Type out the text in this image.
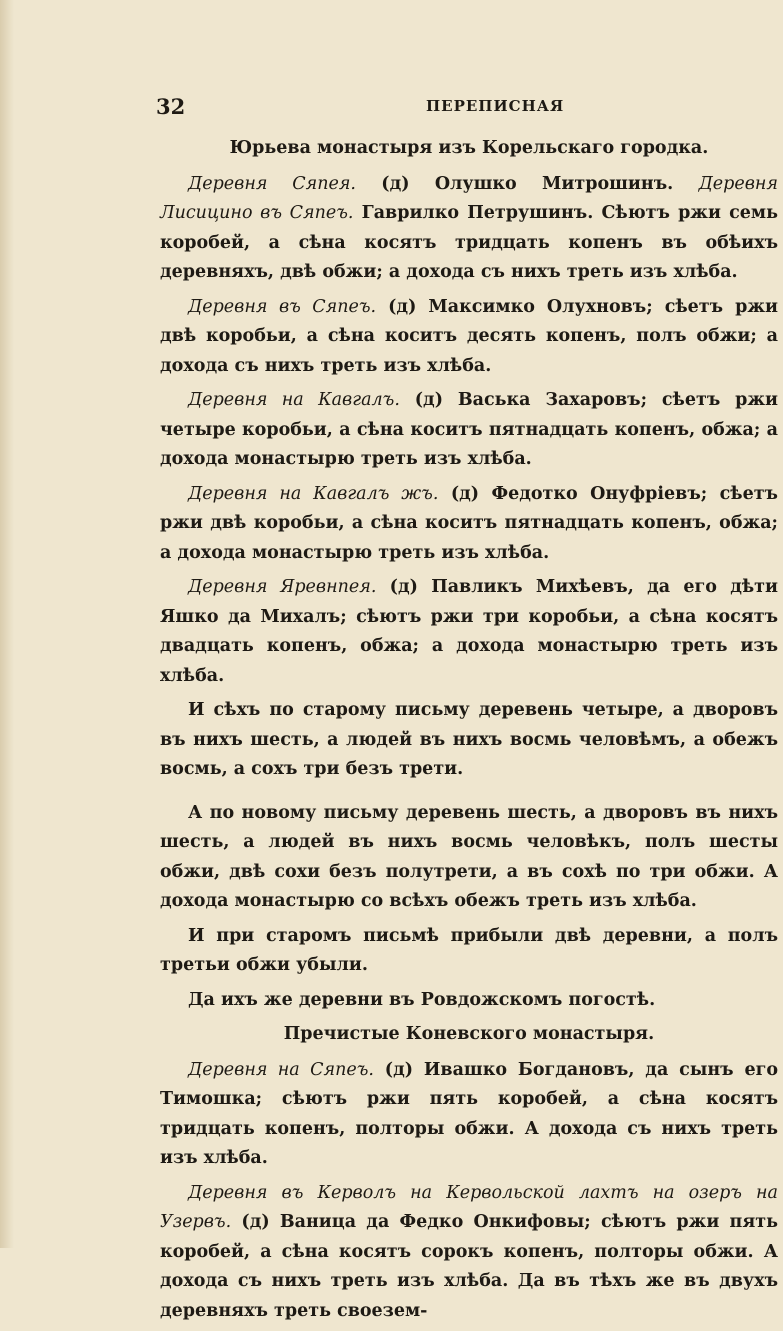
32	ПЕРЕПИСНАЯ

Юрьева монастыря изъ Корельскаго городка.

Деревня Сяпея. (д) Олушко Митрошинъ. Деревня Лисицино въ Сяпеъ. Гаврилко Петрушинъ. Сѣютъ ржи семь коробей, а сѣна косятъ тридцать копенъ въ обѣихъ деревняхъ, двѣ обжи; а дохода съ нихъ треть изъ хлѣба.

Деревня въ Сяпеъ. (д) Максимко Олухновъ; сѣетъ ржи двѣ коробьи, а сѣна коситъ десять копенъ, полъ обжи; а дохода съ нихъ треть изъ хлѣба.

Деревня на Кавгалъ. (д) Васька Захаровъ; сѣетъ ржи четыре коробьи, а сѣна коситъ пятнадцать копенъ, обжа; а дохода монастырю треть изъ хлѣба.

Деревня на Кавгалъ жъ. (д) Федотко Онуфрiевъ; сѣетъ ржи двѣ коробьи, а сѣна коситъ пятнадцать копенъ, обжа; а дохода монастырю треть изъ хлѣба.

Деревня Яревнпея. (д) Павликъ Михѣевъ, да его дѣти Яшко да Михалъ; сѣютъ ржи три коробьи, а сѣна косятъ двадцать копенъ, обжа; а дохода монастырю треть изъ хлѣба.

И сѣхъ по старому письму деревень четыре, а дворовъ въ нихъ шесть, а людей въ нихъ восмь человѣмъ, а обежъ восмь, а сохъ три безъ трети.

А по новому письму деревень шесть, а дворовъ въ нихъ шесть, а людей въ нихъ восмь человѣкъ, полъ шесты обжи, двѣ сохи безъ полутрети, а въ сохѣ по три обжи. А дохода монастырю со всѣхъ обежъ треть изъ хлѣба.

И при старомъ письмѣ прибыли двѣ деревни, а полъ третьи обжи убыли.

Да ихъ же деревни въ Ровдожскомъ погостѣ.

Пречистые Коневского монастыря.

Деревня на Сяпеъ. (д) Ивашко Богдановъ, да сынъ его Тимошка; сѣютъ ржи пять коробей, а сѣна косятъ тридцать копенъ, полторы обжи. А дохода съ нихъ треть изъ хлѣба.

Деревня въ Керволъ на Кервольской лахтъ на озеръ на Узервъ. (д) Ваница да Федко Онкифовы; сѣютъ ржи пять коробей, а сѣна косятъ сорокъ копенъ, полторы обжи. А дохода съ нихъ треть изъ хлѣба. Да въ тѣхъ же въ двухъ деревняхъ треть своезем-
